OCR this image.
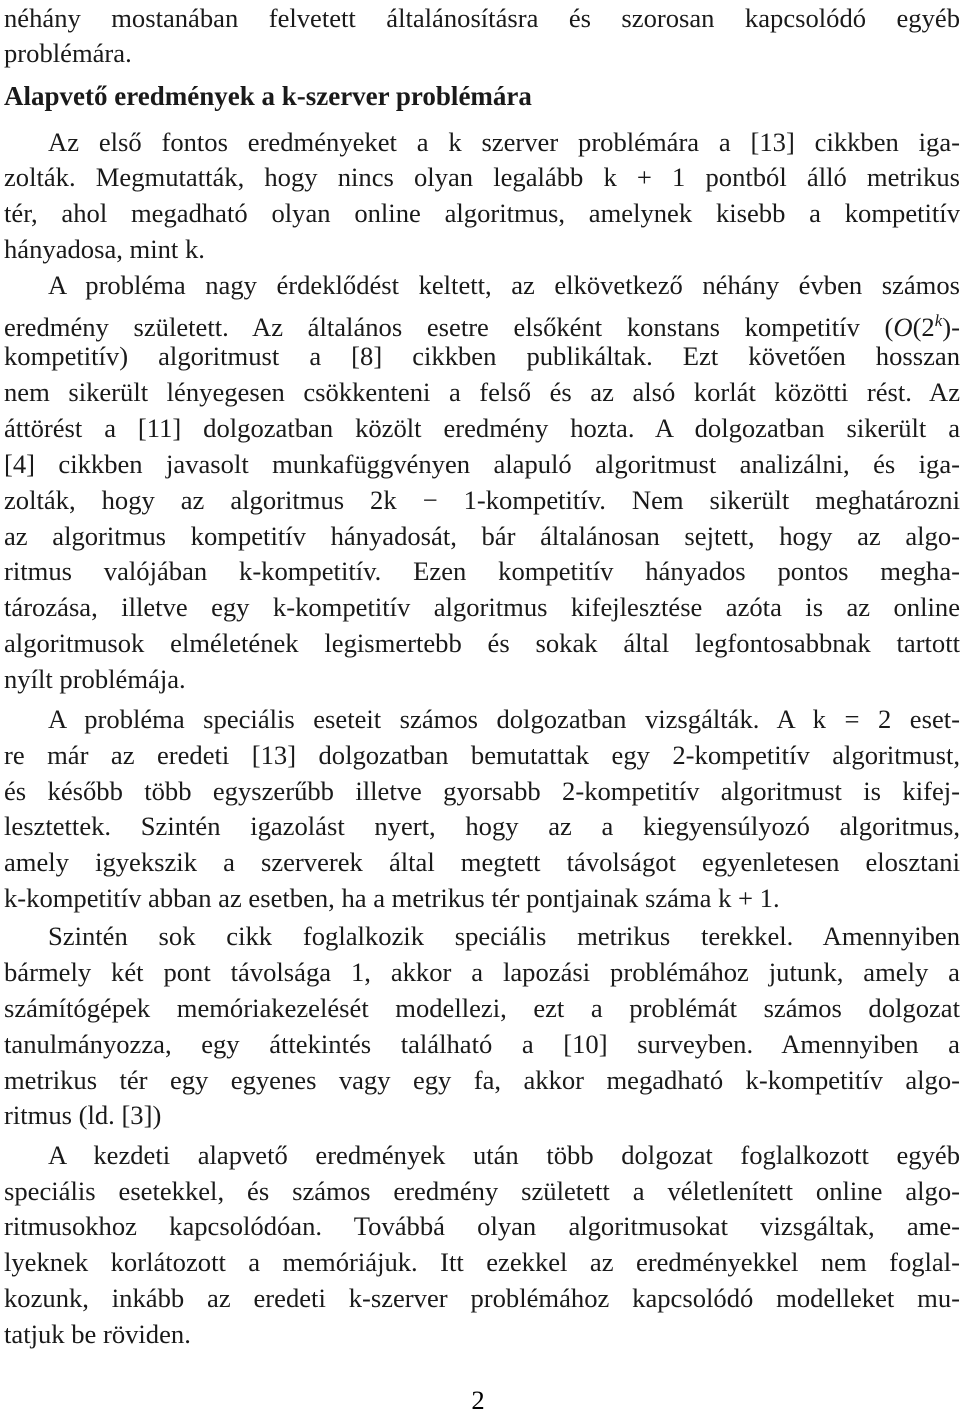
néhány mostanában felvetett általánosításra és szorosan kapcsolódó egyéb
problémára.
Alapvető eredmények a k-szerver problémára
Az első fontos eredményeket a k szerver problémára a [13] cikkben iga-
zolták. Megmutatták, hogy nincs olyan legalább k + 1 pontból álló metrikus
tér, ahol megadható olyan online algoritmus, amelynek kisebb a kompetitív
hányadosa, mint k.
A probléma nagy érdeklődést keltett, az elkövetkező néhány évben számos
eredmény született. Az általános esetre elsőként konstans kompetitív (O(2$^k$)-
kompetitív) algoritmust a [8] cikkben publikáltak. Ezt követően hosszan
nem sikerült lényegesen csökkenteni a felső és az alsó korlát közötti rést. Az
áttörést a [11] dolgozatban közölt eredmény hozta. A dolgozatban sikerült a
[4] cikkben javasolt munkafüggvényen alapuló algoritmust analizálni, és iga-
zolták, hogy az algoritmus 2k − 1-kompetitív. Nem sikerült meghatározni
az algoritmus kompetitív hányadosát, bár általánosan sejtett, hogy az algo-
ritmus valójában k-kompetitív. Ezen kompetitív hányados pontos megha-
tározása, illetve egy k-kompetitív algoritmus kifejlesztése azóta is az online
algoritmusok elméletének legismertebb és sokak által legfontosabbnak tartott
nyílt problémája.
A probléma speciális eseteit számos dolgozatban vizsgálták. A k = 2 eset-
re már az eredeti [13] dolgozatban bemutattak egy 2-kompetitív algoritmust,
és később több egyszerűbb illetve gyorsabb 2-kompetitív algoritmust is kifej-
lesztettek. Szintén igazolást nyert, hogy az a kiegyensúlyozó algoritmus,
amely igyekszik a szerverek által megtett távolságot egyenletesen elosztani
k-kompetitív abban az esetben, ha a metrikus tér pontjainak száma k + 1.
Szintén sok cikk foglalkozik speciális metrikus terekkel. Amennyiben
bármely két pont távolsága 1, akkor a lapozási problémához jutunk, amely a
számítógépek memóriakezelését modellezi, ezt a problémát számos dolgozat
tanulmányozza, egy áttekintés található a [10] surveyben. Amennyiben a
metrikus tér egy egyenes vagy egy fa, akkor megadható k-kompetitív algo-
ritmus (ld. [3])
A kezdeti alapvető eredmények után több dolgozat foglalkozott egyéb
speciális esetekkel, és számos eredmény született a véletlenített online algo-
ritmusokhoz kapcsolódóan. Továbbá olyan algoritmusokat vizsgáltak, ame-
lyeknek korlátozott a memóriájuk. Itt ezekkel az eredményekkel nem foglal-
kozunk, inkább az eredeti k-szerver problémához kapcsolódó modelleket mu-
tatjuk be röviden.
2
